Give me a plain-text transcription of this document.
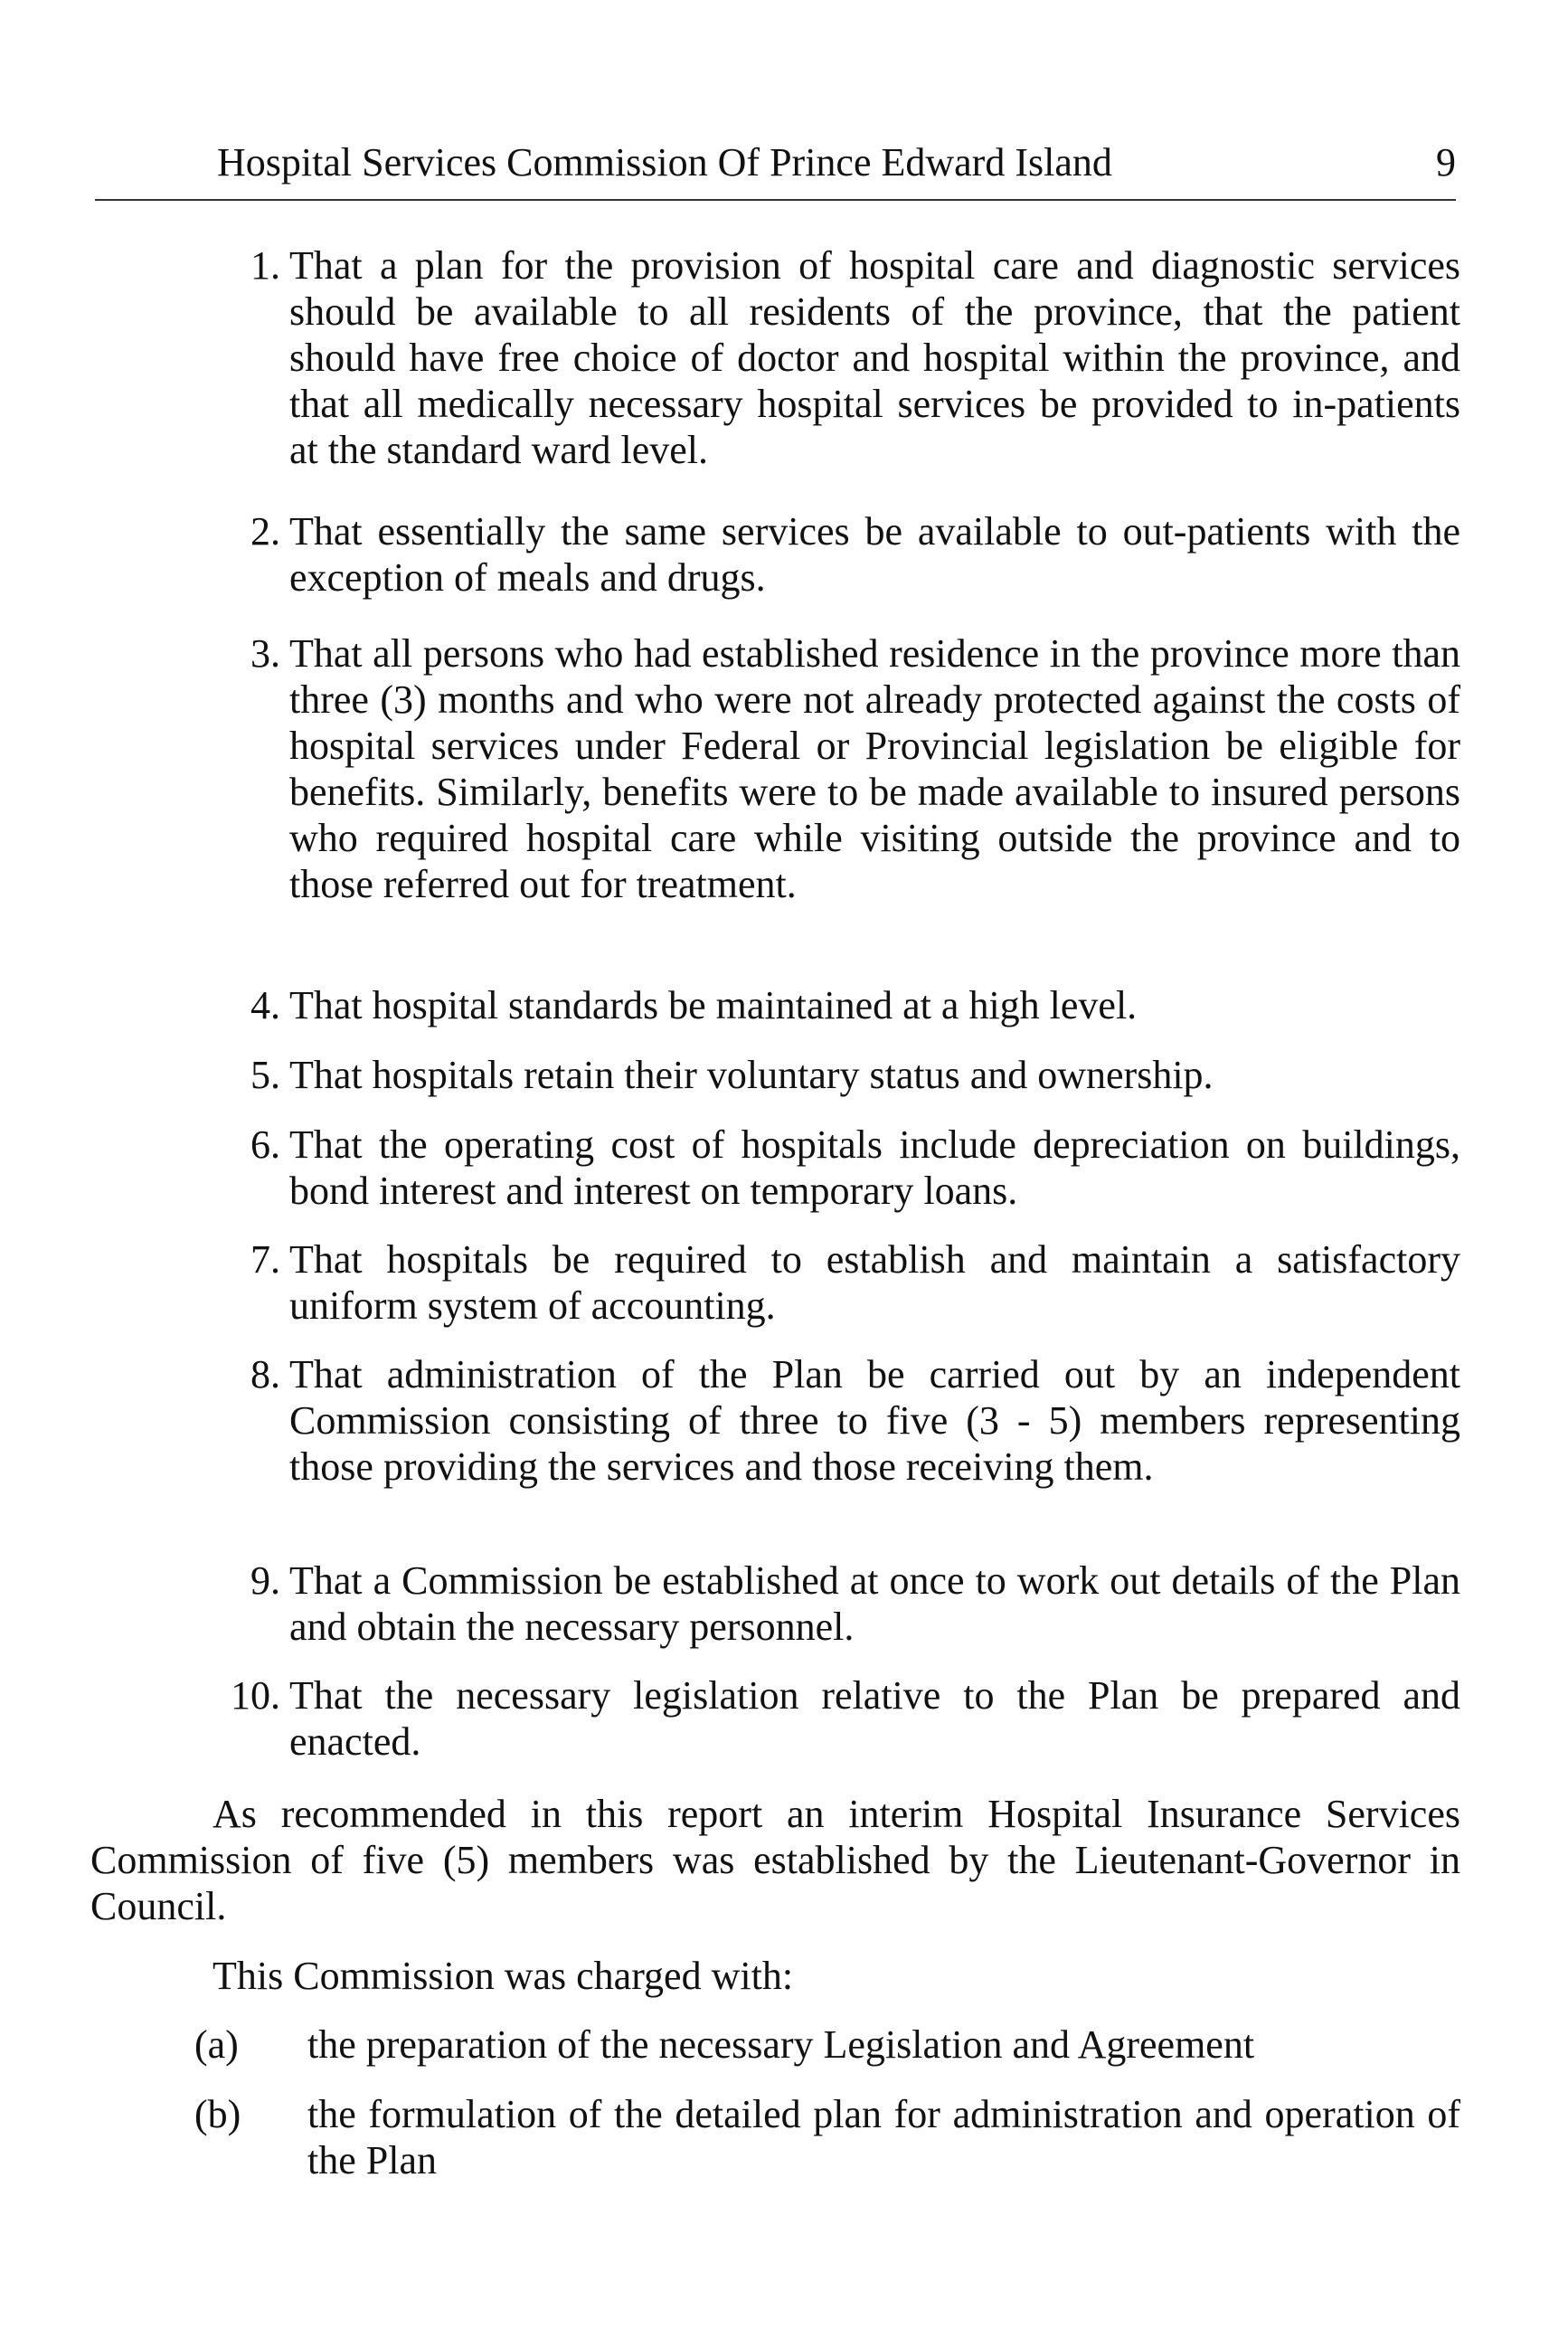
Hospital Services Commission Of Prince Edward Island	9
1. That a plan for the provision of hospital care and diagnostic services should be available to all residents of the province, that the patient should have free choice of doctor and hospital within the province, and that all medically necessary hospital services be provided to in-patients at the standard ward level.
2. That essentially the same services be available to out-patients with the exception of meals and drugs.
3. That all persons who had established residence in the province more than three (3) months and who were not already protected against the costs of hospital services under Federal or Provincial legislation be eligible for benefits. Similarly, benefits were to be made available to insured persons who required hospital care while visiting outside the province and to those referred out for treatment.
4. That hospital standards be maintained at a high level.
5. That hospitals retain their voluntary status and ownership.
6. That the operating cost of hospitals include depreciation on buildings, bond interest and interest on temporary loans.
7. That hospitals be required to establish and maintain a satisfactory uniform system of accounting.
8. That administration of the Plan be carried out by an independent Commission consisting of three to five (3 - 5) members representing those providing the services and those receiving them.
9. That a Commission be established at once to work out details of the Plan and obtain the necessary personnel.
10. That the necessary legislation relative to the Plan be prepared and enacted.
As recommended in this report an interim Hospital Insurance Services Commission of five (5) members was established by the Lieutenant-Governor in Council.
This Commission was charged with:
(a)	the preparation of the necessary Legislation and Agreement
(b)	the formulation of the detailed plan for administration and operation of the Plan
